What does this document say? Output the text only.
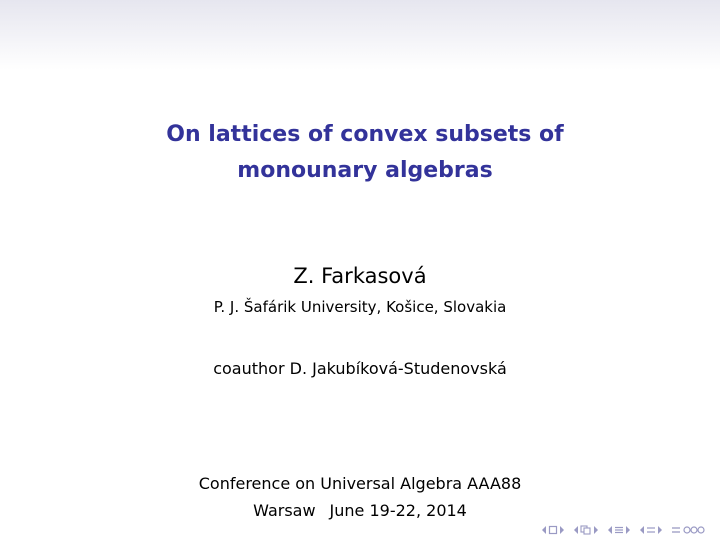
On lattices of convex subsets of
monounary algebras
Z. Farkasová
P. J. Šafárik University, Košice, Slovakia
coauthor D. Jakubíková-Studenovská
Conference on Universal Algebra AAA88
Warsaw June 19-22, 2014
